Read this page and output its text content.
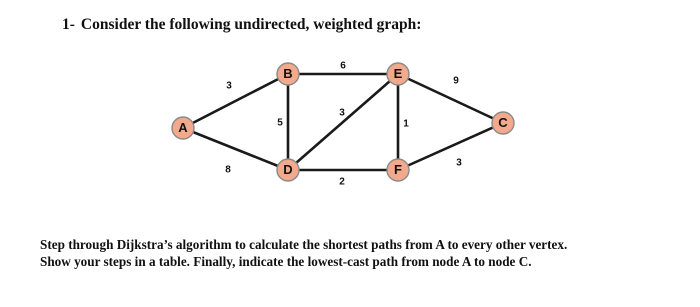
1- Consider the following undirected, weighted graph:
3
8
6
5
3
2
1
9
3
A
B	E
C
D	F
Step through Dijkstra’s algorithm to calculate the shortest paths from A to every other vertex.
Show your steps in a table. Finally, indicate the lowest-cast path from node A to node C.
